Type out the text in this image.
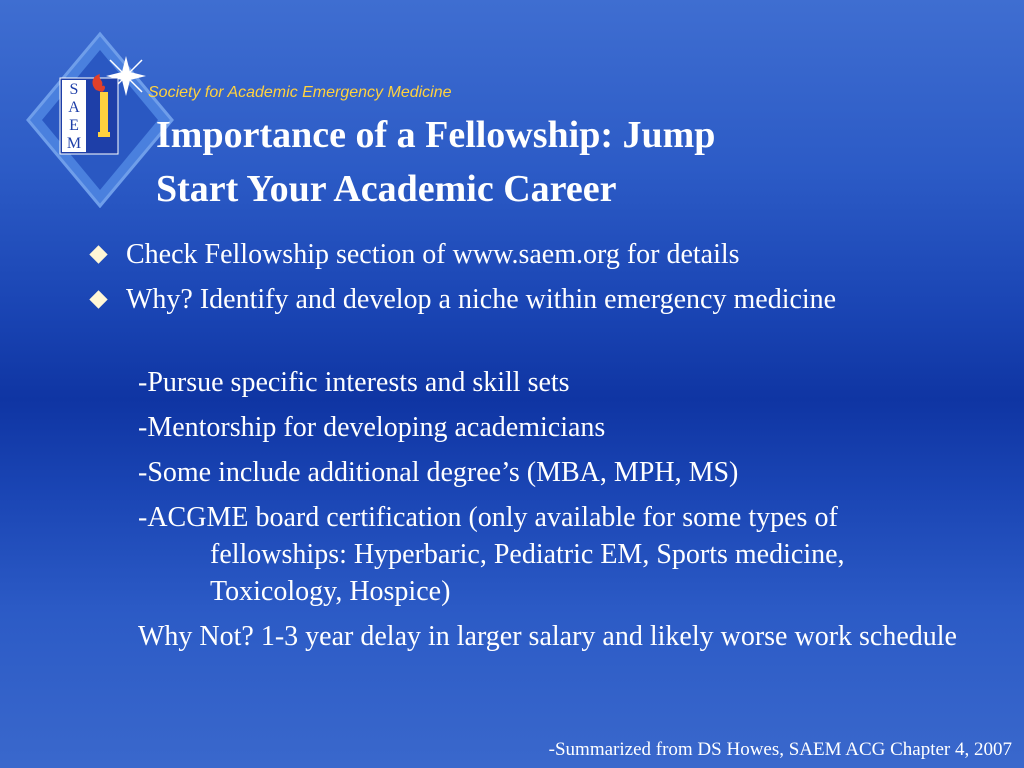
S
A
E
M
Society for Academic Emergency Medicine
Importance of a Fellowship: Jump
Start Your Academic Career
Check Fellowship section of www.saem.org for details
Why? Identify and develop a niche within emergency medicine
-Pursue specific interests and skill sets
-Mentorship for developing academicians
-Some include additional degree’s (MBA, MPH, MS)
-ACGME board certification (only available for some types of fellowships: Hyperbaric, Pediatric EM, Sports medicine, Toxicology, Hospice)
Why Not? 1-3 year delay in larger salary and likely worse work schedule
-Summarized from DS Howes, SAEM ACG Chapter 4, 2007
